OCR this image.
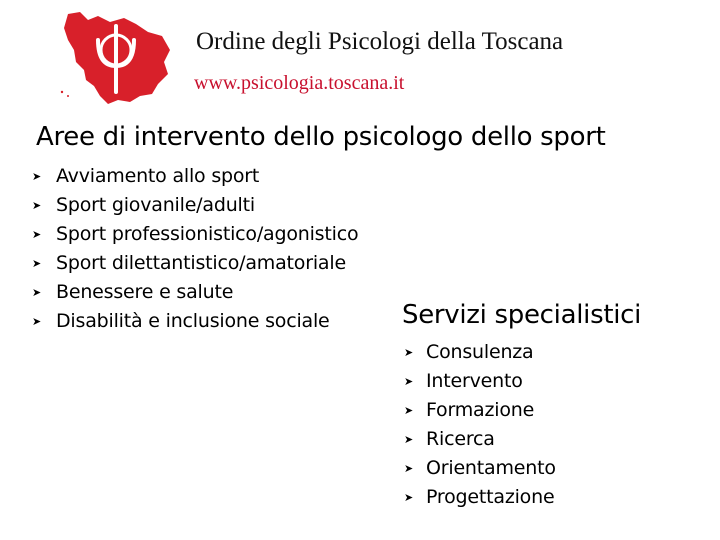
Ordine degli Psicologi della Toscana
www.psicologia.toscana.it
Aree di intervento dello psicologo dello sport
➤ Avviamento allo sport
➤ Sport giovanile/adulti
➤ Sport professionistico/agonistico
➤ Sport dilettantistico/amatoriale
➤ Benessere e salute
➤ Disabilità e inclusione sociale	Servizi specialistici
➤ Consulenza
➤ Intervento
➤ Formazione
➤ Ricerca
➤ Orientamento
➤ Progettazione
